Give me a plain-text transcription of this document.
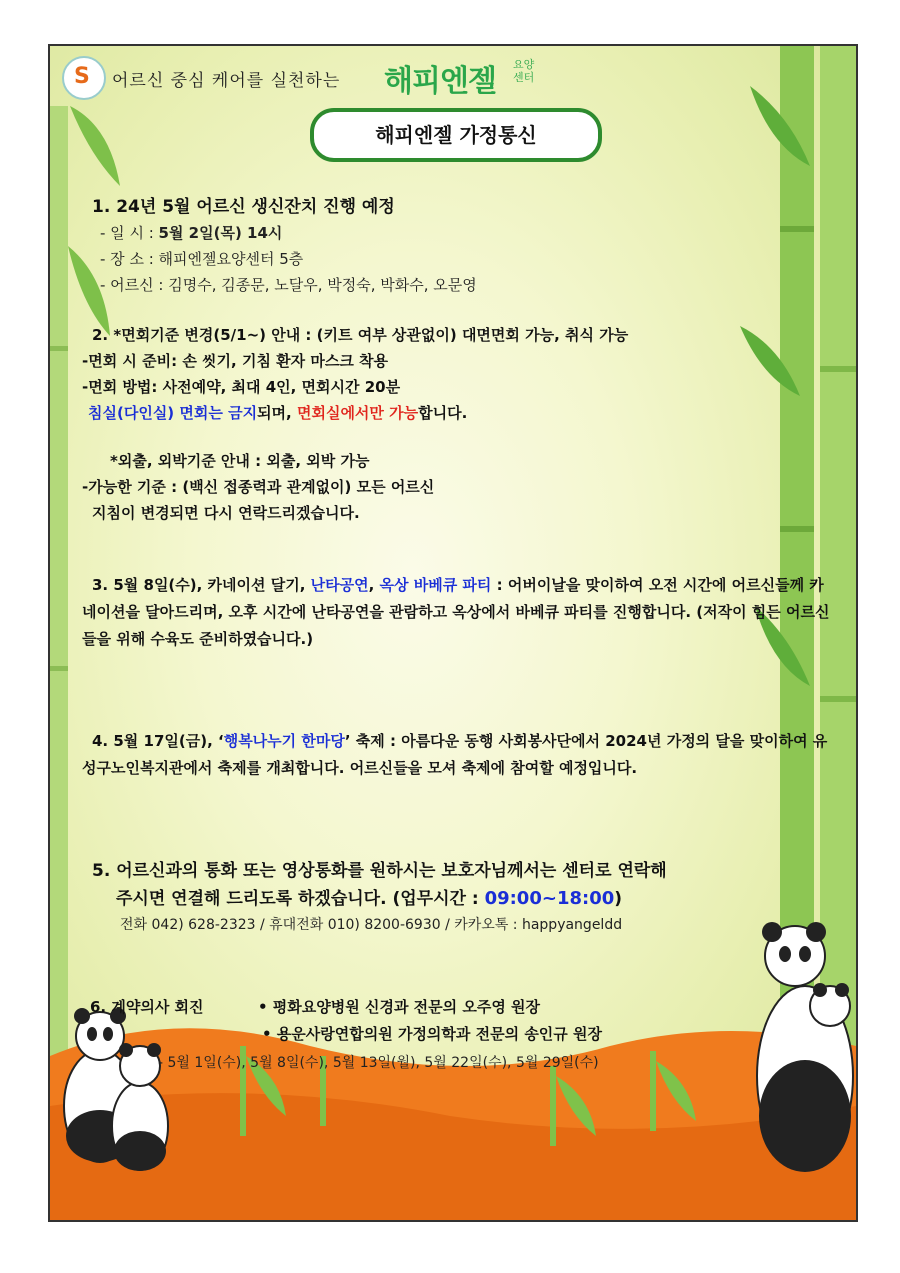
S 어르신 중심 케어를 실천하는 해피엔젤 요양센터
해피엔젤 가정통신
1. 24년 5월 어르신 생신잔치 진행 예정
- 일 시 : 5월 2일(목) 14시
- 장 소 : 해피엔젤요양센터 5층
- 어르신 : 김명수, 김종문, 노달우, 박정숙, 박화수, 오문영
2. *면회기준 변경(5/1~) 안내 : (키트 여부 상관없이) 대면면회 가능, 취식 가능
-면회 시 준비: 손 씻기, 기침 환자 마스크 착용
-면회 방법: 사전예약, 최대 4인, 면회시간 20분
침실(다인실) 면회는 금지되며, 면회실에서만 가능합니다.
*외출, 외박기준 안내 : 외출, 외박 가능
-가능한 기준 : (백신 접종력과 관계없이) 모든 어르신
지침이 변경되면 다시 연락드리겠습니다.
3. 5월 8일(수), 카네이션 달기, 난타공연, 옥상 바베큐 파티 : 어버이날을 맞이하여 오전 시간에 어르신들께 카네이션을 달아드리며, 오후 시간에 난타공연을 관람하고 옥상에서 바베큐 파티를 진행합니다. (저작이 힘든 어르신들을 위해 수육도 준비하였습니다.)
4. 5월 17일(금), ‘행복나누기 한마당’ 축제 : 아름다운 동행 사회봉사단에서 2024년 가정의 달을 맞이하여 유성구노인복지관에서 축제를 개최합니다. 어르신들을 모셔 축제에 참여할 예정입니다.
5. 어르신과의 통화 또는 영상통화를 원하시는 보호자님께서는 센터로 연락해
주시면 연결해 드리도록 하겠습니다. (업무시간 : 09:00~18:00)
전화 042) 628-2323 / 휴대전화 010) 8200-6930 / 카카오톡 : happyangeldd
6. 계약의사 회진	• 평화요양병원 신경과 전문의 오주영 원장
• 용운사랑연합의원 가정의학과 전문의 송인규 원장
- 5월 1일(수), 5월 8일(수), 5월 13일(월), 5월 22일(수), 5월 29일(수)
